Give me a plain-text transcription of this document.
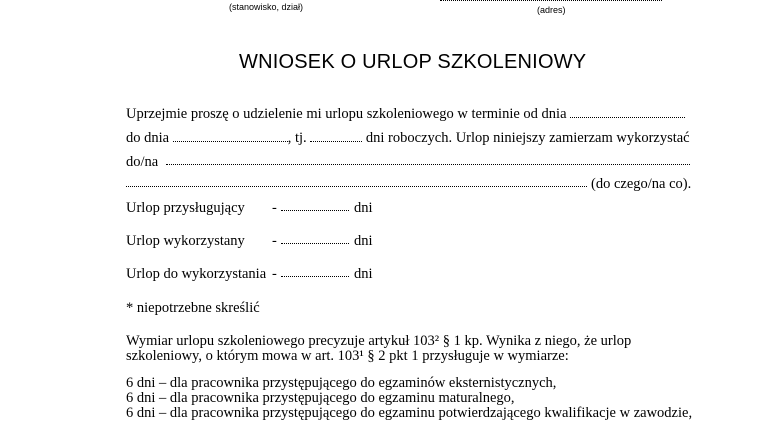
(stanowisko, dział)	(adres)
WNIOSEK O URLOP SZKOLENIOWY
Uprzejmie proszę o udzielenie mi urlopu szkoleniowego w terminie od dnia
do dnia	, tj.	dni roboczych. Urlop niniejszy zamierzam wykorzystać
do/na
(do czego/na co).
Urlop przysługujący -	dni
Urlop wykorzystany -	dni
Urlop do wykorzystania -	dni
* niepotrzebne skreślić
Wymiar urlopu szkoleniowego precyzuje artykuł 103² § 1 kp. Wynika z niego, że urlop
szkoleniowy, o którym mowa w art. 103¹ § 2 pkt 1 przysługuje w wymiarze:
6 dni – dla pracownika przystępującego do egzaminów eksternistycznych,
6 dni – dla pracownika przystępującego do egzaminu maturalnego,
6 dni – dla pracownika przystępującego do egzaminu potwierdzającego kwalifikacje w zawodzie,
